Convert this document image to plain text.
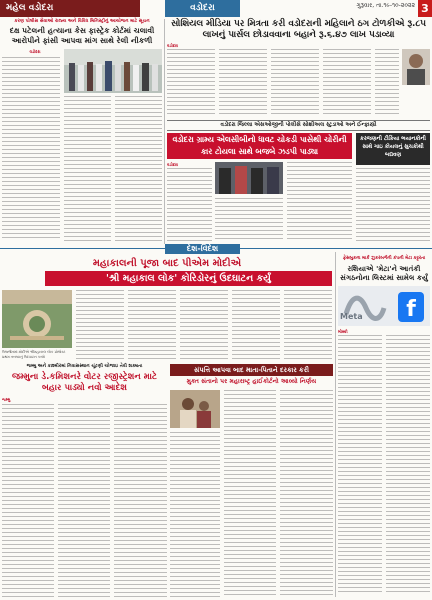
મહેલ વડોદરા	વડોદરા	ગુરૂવાર, તા.૧૯-૧૦-૨૦૨૨ 3
કરણ પોલીસ સેવાઓ રાજ્ય અને વિવિધ મિનિસ્ટ્રીનું આયોજન માટે સૂચન
દક્ષ પટેલની હત્યાના કેસ ફાસ્ટ્રેક કોર્ટમાં ચલાવી આરોપીને ફાંસી આપવા માંગ સાથે રેલી નીકળી
વડોદરા
સોશિયલ મીડિયા પર મિત્રતા કરી વડોદરાની મહિલાને ઠગ ટોળકીએ રૂ.૮૫ લાખનું પાર્સલ છોડાવવાના બહાને રૂ.૬.૪૭ લાખ પડાવ્યા
વડોદરા
વડોદરા જિલ્લા એસઓજીની પોલીસે સોશીઅલ સ્ટુડાઓ અને ઈન્ફાસ્ત્રી
વડોદરા ગ્રામ્ય એલસીબીનો ધાવટ ચોકડી પાસેથી ચોરીની કાર ટોયલા સાથે બજબે ઝડપી પાડ્યા
વડોદરા
કરજણની ટીકિયા ભયાનકોની સાથે ગાઇ કોયલનું સુચકોથી બદ્યવણ
દેશ-વિદેશ
મહાકાલની પૂજા બાદ પીએમ મોદીએ
'શ્રી મહાકાલ લોક' કોરિડોરનું ઉદઘાટન કર્યું
ઉજ્જૈનમાં મોદીએ શ્રીમહાકાલ લોક પ્રોજેક્ટ પ્રથમ તબક્કાનું ઉદઘાટન કરશે
ફેસબુકના માર્ક ઝુકરબર્ગની કંપની મેટા કટ્ટરતા
રશિયાએ 'મેટા'ને આતંકી સંગઠનોના લિસ્ટમાં સામેલ કર્યું
f
Meta
મોસ્કો
જમ્મુ અને કાશ્મીરમાં નિવાસસ્થાન ચૂંટણી યોજાઇ તેવી શક્યતા
જમ્મુના ડે.કમિશનરે વોટર રજીસ્ટ્રેશન માટે બહાર પાડ્યો નવો આદેશ
જમ્મુ
સંપત્તિ આપવા બાદ માતા-પિતાને દરકાર કરી
મુક્ત સંતાનો પર મહારાષ્ટ્ર હાઈકોર્ટનો આવ્યો નિર્ણય
